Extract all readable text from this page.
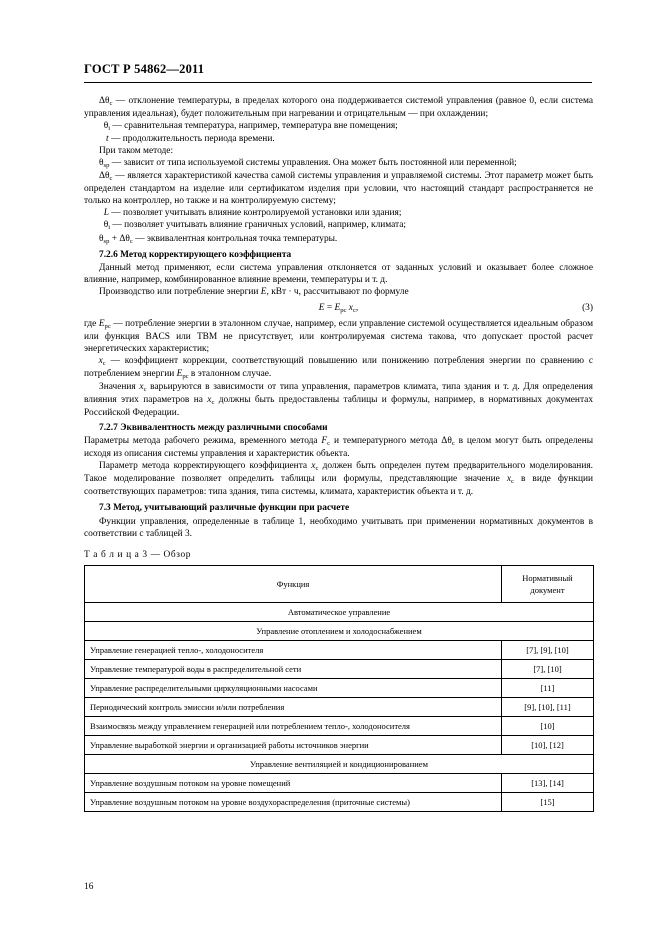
ГОСТ Р 54862—2011

$\Delta\theta_c$ — отклонение температуры, в пределах которого она поддерживается системой управления (равное 0, если система управления идеальная), будет положительным при нагревании и отрицательным — при охлаждении;

$\theta_i$ — сравнительная температура, например, температура вне помещения;

t — продолжительность периода времени.

При таком методе:

$\theta_{sp}$ — зависит от типа используемой системы управления. Она может быть постоянной или переменной;

$\Delta\theta_c$ — является характеристикой качества самой системы управления и управляемой системы. Этот параметр может быть определен стандартом на изделие или сертификатом изделия при условии, что настоящий стандарт распространяется не только на контроллер, но также и на контролируемую систему;

L — позволяет учитывать влияние контролируемой установки или здания;

$\theta_i$ — позволяет учитывать влияние граничных условий, например, климата;

$\theta_{sp} + \Delta\theta_c$ — эквивалентная контрольная точка температуры.

7.2.6 Метод корректирующего коэффициента

Данный метод применяют, если система управления отклоняется от заданных условий и оказывает более сложное влияние, например, комбинированное влияние времени, температуры и т. д.

Производство или потребление энергии E, кВт · ч, рассчитывают по формуле

$E = E_{рс}$ $x_с$,	(3)

где $E_{рс}$ — потребление энергии в эталонном случае, например, если управление системой осуществляется идеальным образом или функция BACS или TBM не присутствует, или контролируемая система такова, что допускает простой расчет энергетических характеристик;

$x_с$ — коэффициент коррекции, соответствующий повышению или понижению потребления энергии по сравнению с потреблением энергии $E_{рс}$ в эталонном случае.

Значения $x_с$ варьируются в зависимости от типа управления, параметров климата, типа здания и т. д. Для определения влияния этих параметров на $x_с$ должны быть предоставлены таблицы и формулы, например, в нормативных документах Российской Федерации.

7.2.7 Эквивалентность между различными способами

Параметры метода рабочего режима, временного метода $F_с$ и температурного метода $\Delta\theta_c$ в целом могут быть определены исходя из описания системы управления и характеристик объекта.

Параметр метода корректирующего коэффициента $x_с$ должен быть определен путем предварительного моделирования. Такое моделирование позволяет определить таблицы или формулы, представляющие значение $x_с$ в виде функции соответствующих параметров: типа здания, типа системы, климата, характеристик объекта и т. д.

7.3 Метод, учитывающий различные функции при расчете

Функции управления, определенные в таблице 1, необходимо учитывать при применении нормативных документов в соответствии с таблицей 3.

Т а б л и ц а 3 — Обзор

Функция	Нормативный документ
Автоматическое управление	
Управление отоплением и холодоснабжением	
Управление генерацией тепло-, холодоносителя	[7], [9], [10]
Управление температурой воды в распределительной сети	[7], [10]
Управление распределительными циркуляционными насосами	[11]
Периодический контроль эмиссии и/или потребления	[9], [10], [11]
Взаимосвязь между управлением генерацией или потреблением тепло-, холодоносителя	[10]
Управление выработкой энергии и организацией работы источников энергии	[10], [12]
Управление вентиляцией и кондиционированием	
Управление воздушным потоком на уровне помещений	[13], [14]
Управление воздушным потоком на уровне воздухораспределения (приточные системы)	[15]
16
